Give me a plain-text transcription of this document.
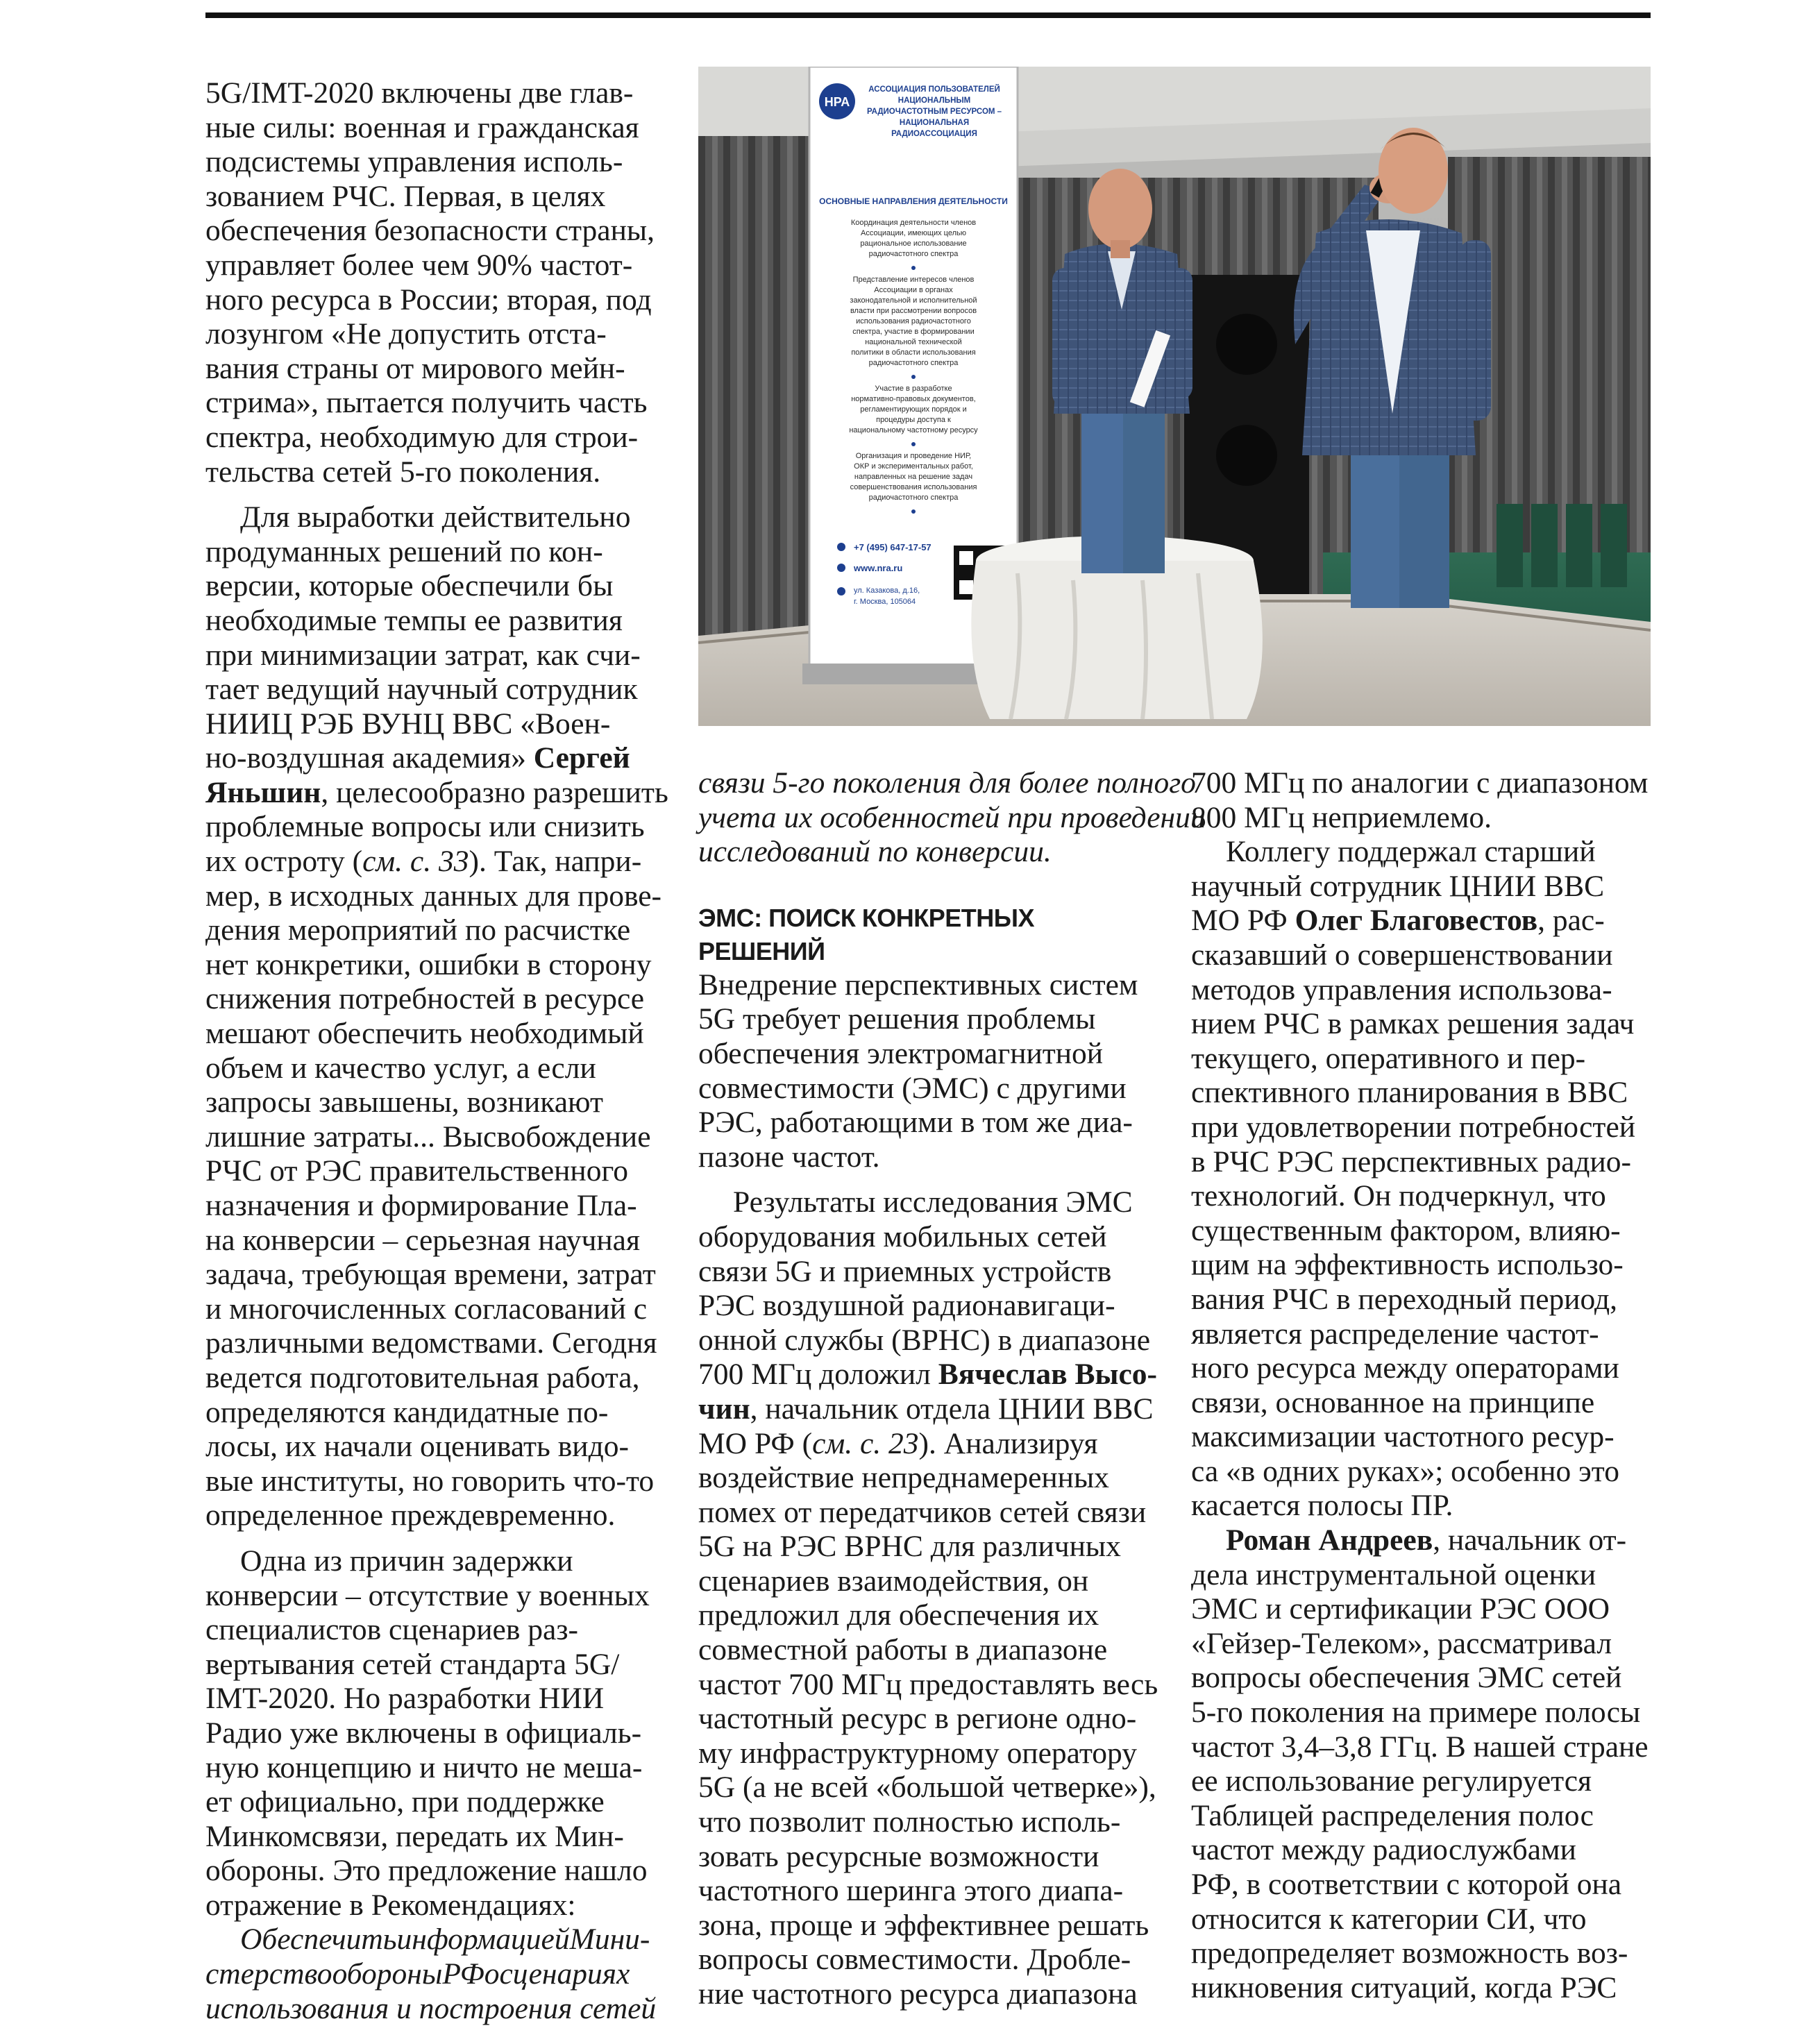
5G/IMT-2020 включены две глав-
ные силы: военная и гражданская
подсистемы управления исполь-
зованием РЧС. Первая, в целях
обеспечения безопасности страны,
управляет более чем 90% частот-
ного ресурса в России; вторая, под
лозунгом «Не допустить отста-
вания страны от мирового мейн-
стрима», пытается получить часть
спектра, необходимую для строи-
тельства сетей 5-го поколения.

Для выработки действительно
продуманных решений по кон-
версии, которые обеспечили бы
необходимые темпы ее развития
при минимизации затрат, как счи-
тает ведущий научный сотрудник
НИИЦ РЭБ ВУНЦ ВВС «Воен-
но-воздушная академия» Сергей
Яньшин, целесообразно разрешить
проблемные вопросы или снизить
их остроту (см. с. 33). Так, напри-
мер, в исходных данных для прове-
дения мероприятий по расчистке
нет конкретики, ошибки в сторону
снижения потребностей в ресурсе
мешают обеспечить необходимый
объем и качество услуг, а если
запросы завышены, возникают
лишние затраты... Высвобождение
РЧС от РЭС правительственного
назначения и формирование Пла-
на конверсии – серьезная научная
задача, требующая времени, затрат
и многочисленных согласований с
различными ведомствами. Сегодня
ведется подготовительная работа,
определяются кандидатные по-
лосы, их начали оценивать видо-
вые институты, но говорить что-то
определенное преждевременно.

Одна из причин задержки
конверсии – отсутствие у военных
специалистов сценариев раз-
вертывания сетей стандарта 5G/
IMT-2020. Но разработки НИИ
Радио уже включены в официаль-
ную концепцию и ничто не меша-
ет официально, при поддержке
Минкомсвязи, передать их Мин-
обороны. Это предложение нашло
отражение в Рекомендациях:

ОбеспечитьинформациейМини-
стерствообороныРФосценариях
использования и построения сетей

НРА
АССОЦИАЦИЯ ПОЛЬЗОВАТЕЛЕЙ
НАЦИОНАЛЬНЫМ
РАДИОЧАСТОТНЫМ РЕСУРСОМ –
НАЦИОНАЛЬНАЯ
РАДИОАССОЦИАЦИЯ
ОСНОВНЫЕ НАПРАВЛЕНИЯ ДЕЯТЕЛЬНОСТИ
Координация деятельности членов
Ассоциации, имеющих целью
рациональное использование
радиочастотного спектра
Представление интересов членов
Ассоциации в органах
законодательной и исполнительной
власти при рассмотрении вопросов
использования радиочастотного
спектра, участие в формировании
национальной технической
политики в области использования
радиочастотного спектра
Участие в разработке
нормативно-правовых документов,
регламентирующих порядок и
процедуры доступа к
национальному частотному ресурсу
Организация и проведение НИР,
ОКР и экспериментальных работ,
направленных на решение задач
совершенствования использования
радиочастотного спектра
+7 (495) 647-17-57
www.nra.ru
ул. Казакова, д.16,
г. Москва, 105064

связи 5-го поколения для более полного
учета их особенностей при проведении
исследований по конверсии.

ЭМС: ПОИСК КОНКРЕТНЫХ
РЕШЕНИЙ

Внедрение перспективных систем
5G требует решения проблемы
обеспечения электромагнитной
совместимости (ЭМС) с другими
РЭС, работающими в том же диа-
пазоне частот.

Результаты исследования ЭМС
оборудования мобильных сетей
связи 5G и приемных устройств
РЭС воздушной радионавигаци-
онной службы (ВРНС) в диапазоне
700 МГц доложил Вячеслав Высо-
чин, начальник отдела ЦНИИ ВВС
МО РФ (см. с. 23). Анализируя
воздействие непреднамеренных
помех от передатчиков сетей связи
5G на РЭС ВРНС для различных
сценариев взаимодействия, он
предложил для обеспечения их
совместной работы в диапазоне
частот 700 МГц предоставлять весь
частотный ресурс в регионе одно-
му инфраструктурному оператору
5G (а не всей «большой четверке»),
что позволит полностью исполь-
зовать ресурсные возможности
частотного шеринга этого диапа-
зона, проще и эффективнее решать
вопросы совместимости. Дробле-
ние частотного ресурса диапазона

700 МГц по аналогии с диапазоном
800 МГц неприемлемо.

Коллегу поддержал старший
научный сотрудник ЦНИИ ВВС
МО РФ Олег Благовестов, рас-
сказавший о совершенствовании
методов управления использова-
нием РЧС в рамках решения задач
текущего, оперативного и пер-
спективного планирования в ВВС
при удовлетворении потребностей
в РЧС РЭС перспективных радио-
технологий. Он подчеркнул, что
существенным фактором, влияю-
щим на эффективность использо-
вания РЧС в переходный период,
является распределение частот-
ного ресурса между операторами
связи, основанное на принципе
максимизации частотного ресур-
са «в одних руках»; особенно это
касается полосы ПР.

Роман Андреев, начальник от-
дела инструментальной оценки
ЭМС и сертификации РЭС ООО
«Гейзер-Телеком», рассматривал
вопросы обеспечения ЭМС сетей
5-го поколения на примере полосы
частот 3,4–3,8 ГГц. В нашей стране
ее использование регулируется
Таблицей распределения полос
частот между радиослужбами
РФ, в соответствии с которой она
относится к категории СИ, что
предопределяет возможность воз-
никновения ситуаций, когда РЭС
